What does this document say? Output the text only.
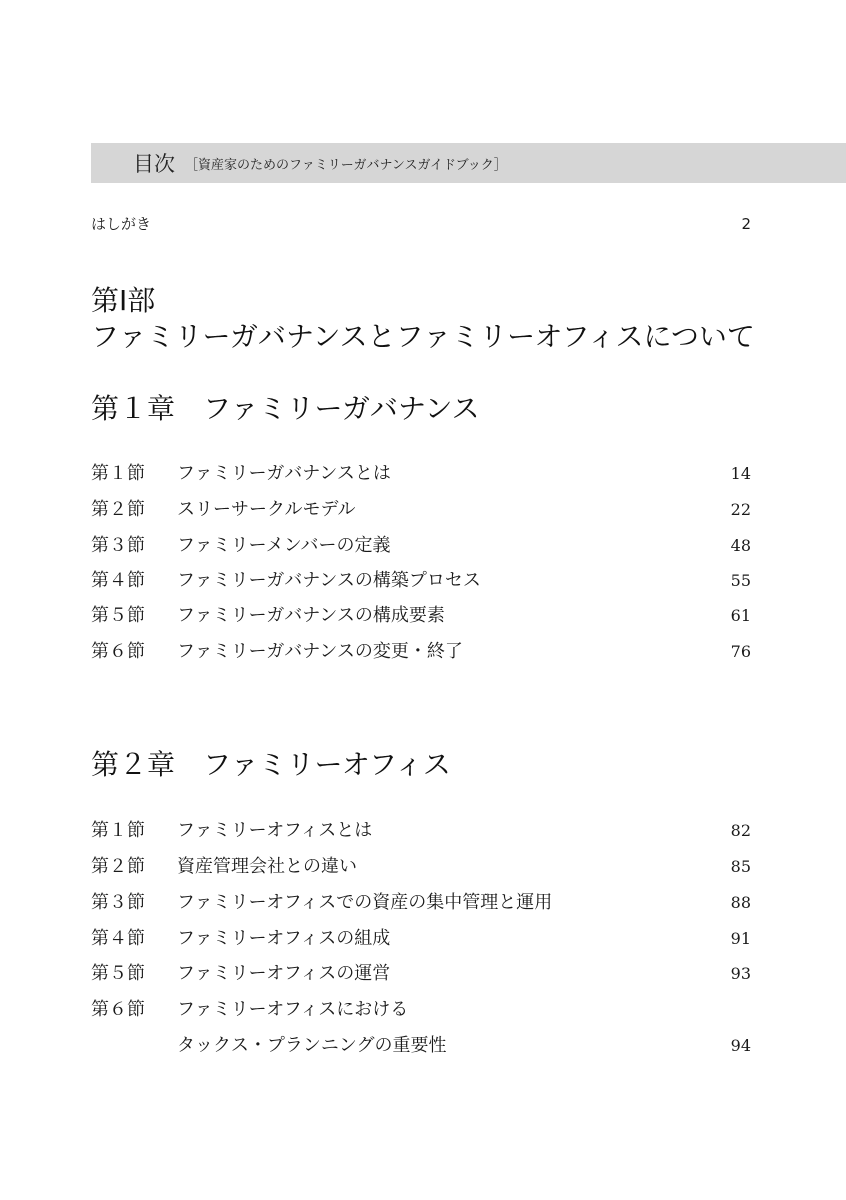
目次 ［資産家のためのファミリーガバナンスガイドブック］
はしがき	2
第Ⅰ部
ファミリーガバナンスとファミリーオフィスについて
第１章 ファミリーガバナンス
第１節 ファミリーガバナンスとは	14
第２節 スリーサークルモデル	22
第３節 ファミリーメンバーの定義	48
第４節 ファミリーガバナンスの構築プロセス	55
第５節 ファミリーガバナンスの構成要素	61
第６節 ファミリーガバナンスの変更・終了	76
第２章 ファミリーオフィス
第１節 ファミリーオフィスとは	82
第２節 資産管理会社との違い	85
第３節 ファミリーオフィスでの資産の集中管理と運用	88
第４節 ファミリーオフィスの組成	91
第５節 ファミリーオフィスの運営	93
第６節 ファミリーオフィスにおける
タックス・プランニングの重要性	94
